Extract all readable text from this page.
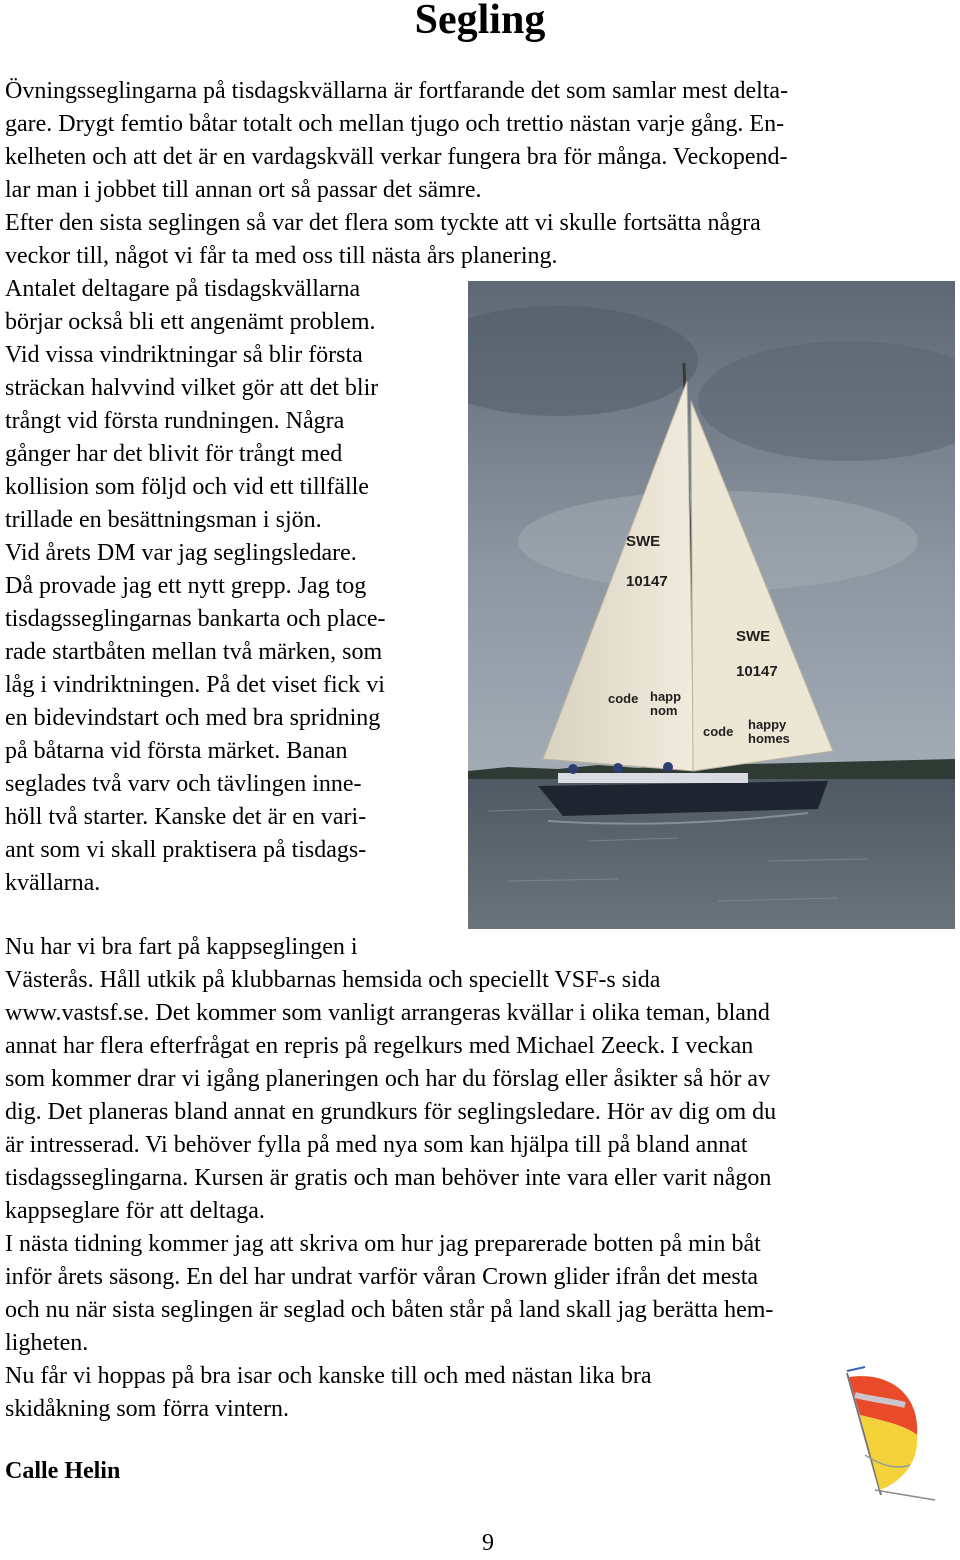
Segling

Övningsseglingarna på tisdagskvällarna är fortfarande det som samlar mest delta-

gare. Drygt femtio båtar totalt och mellan tjugo och trettio nästan varje gång. En-

kelheten och att det är en vardagskväll verkar fungera bra för många. Veckopend-

lar man i jobbet till annan ort så passar det sämre.

Efter den sista seglingen så var det flera som tyckte att vi skulle fortsätta några

veckor till, något vi får ta med oss till nästa års planering.

Antalet deltagare på tisdagskvällarna

börjar också bli ett angenämt problem.

Vid vissa vindriktningar så blir första

sträckan halvvind vilket gör att det blir

trångt vid första rundningen. Några

gånger har det blivit för trångt med

kollision som följd och vid ett tillfälle

trillade en besättningsman i sjön.

Vid årets DM var jag seglingsledare.

Då provade jag ett nytt grepp. Jag tog

tisdagsseglingarnas bankarta och place-

rade startbåten mellan två märken, som

låg i vindriktningen. På det viset fick vi

en bidevindstart och med bra spridning

på båtarna vid första märket. Banan

seglades två varv och tävlingen inne-

höll två starter. Kanske det är en vari-

ant som vi skall praktisera på tisdags-

kvällarna.

Nu har vi bra fart på kappseglingen i

Västerås. Håll utkik på klubbarnas hemsida och speciellt VSF-s sida

www.vastsf.se. Det kommer som vanligt arrangeras kvällar i olika teman, bland

annat har flera efterfrågat en repris på regelkurs med Michael Zeeck. I veckan

som kommer drar vi igång planeringen och har du förslag eller åsikter så hör av

dig. Det planeras bland annat en grundkurs för seglingsledare. Hör av dig om du

är intresserad. Vi behöver fylla på med nya som kan hjälpa till på bland annat

tisdagsseglingarna. Kursen är gratis och man behöver inte vara eller varit någon

kappseglare för att deltaga.

I nästa tidning kommer jag att skriva om hur jag preparerade botten på min båt

inför årets säsong. En del har undrat varför våran Crown glider ifrån det mesta

och nu när sista seglingen är seglad och båten står på land skall jag berätta hem-

ligheten.

Nu får vi hoppas på bra isar och kanske till och med nästan lika bra

skidåkning som förra vintern.

SWE
10147
SWE
10147
code happ
nom
code happy
homes

Calle Helin

9
